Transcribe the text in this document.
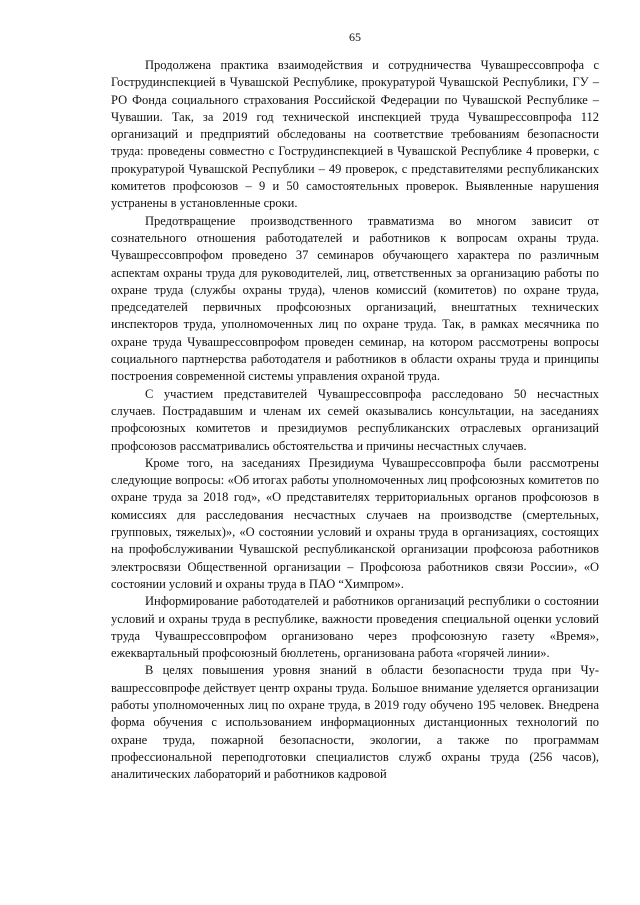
65

Продолжена практика взаимодействия и сотрудничества Чувашрессовпрофа с Гострудинспекцией в Чувашской Республике, прокуратурой Чувашской Республики, ГУ – РО Фонда социального страхования Российской Федерации по Чувашской Республике – Чувашии. Так, за 2019 год технической инспекцией труда Чувашрессовпрофа 112 организаций и предприятий обследованы на соответствие требованиям безопасности труда: проведены совместно с Гострудинспекцией в Чувашской Республике 4 проверки, с прокуратурой Чувашской Республики – 49 проверок, с представителями республиканских комитетов профсоюзов – 9 и 50 самостоятельных проверок. Выявленные нарушения устранены в установленные сроки.

Предотвращение производственного травматизма во многом зависит от сознательного отношения работодателей и работников к вопросам охраны труда. Чувашрессовпрофом проведено 37 семинаров обучающего характера по различным аспектам охраны труда для руководителей, лиц, ответственных за организацию работы по охране труда (службы охраны труда), членов комиссий (комитетов) по охране труда, председателей первичных профсоюзных организаций, внештатных технических инспекторов труда, уполномоченных лиц по охране труда. Так, в рамках месячника по охране труда Чувашрессовпрофом проведен семинар, на котором рассмотрены вопросы социального партнерства работодателя и работников в области охраны труда и принципы построения современной системы управления охраной труда.

С участием представителей Чувашрессовпрофа расследовано 50 несчастных случаев. Пострадавшим и членам их семей оказывались консультации, на заседаниях профсоюзных комитетов и президиумов республиканских отраслевых организаций профсоюзов рассматривались обстоятельства и причины несчастных случаев.

Кроме того, на заседаниях Президиума Чувашрессовпрофа были рассмотрены следующие вопросы: «Об итогах работы уполномоченных лиц профсоюзных комитетов по охране труда за 2018 год», «О представителях территориальных органов профсоюзов в комиссиях для расследования несчастных случаев на производстве (смертельных, групповых, тяжелых)», «О состоянии условий и охраны труда в организациях, состоящих на профобслуживании Чувашской республиканской организации профсоюза работников электросвязи Общественной организации – Профсоюза работников связи России», «О состоянии условий и охраны труда в ПАО “Химпром».

Информирование работодателей и работников организаций республики о состоянии условий и охраны труда в республике, важности проведения специальной оценки условий труда Чувашрессовпрофом организовано через профсоюзную газету «Время», ежеквартальный профсоюзный бюллетень, организована работа «горячей линии».

В целях повышения уровня знаний в области безопасности труда при Чувашрессовпрофе действует центр охраны труда. Большое внимание уделяется организации работы уполномоченных лиц по охране труда, в 2019 году обучено 195 человек. Внедрена форма обучения с использованием информационных дистанционных технологий по охране труда, пожарной безопасности, экологии, а также по программам профессиональной переподготовки специалистов служб охраны труда (256 часов), аналитических лабораторий и работников кадровой
